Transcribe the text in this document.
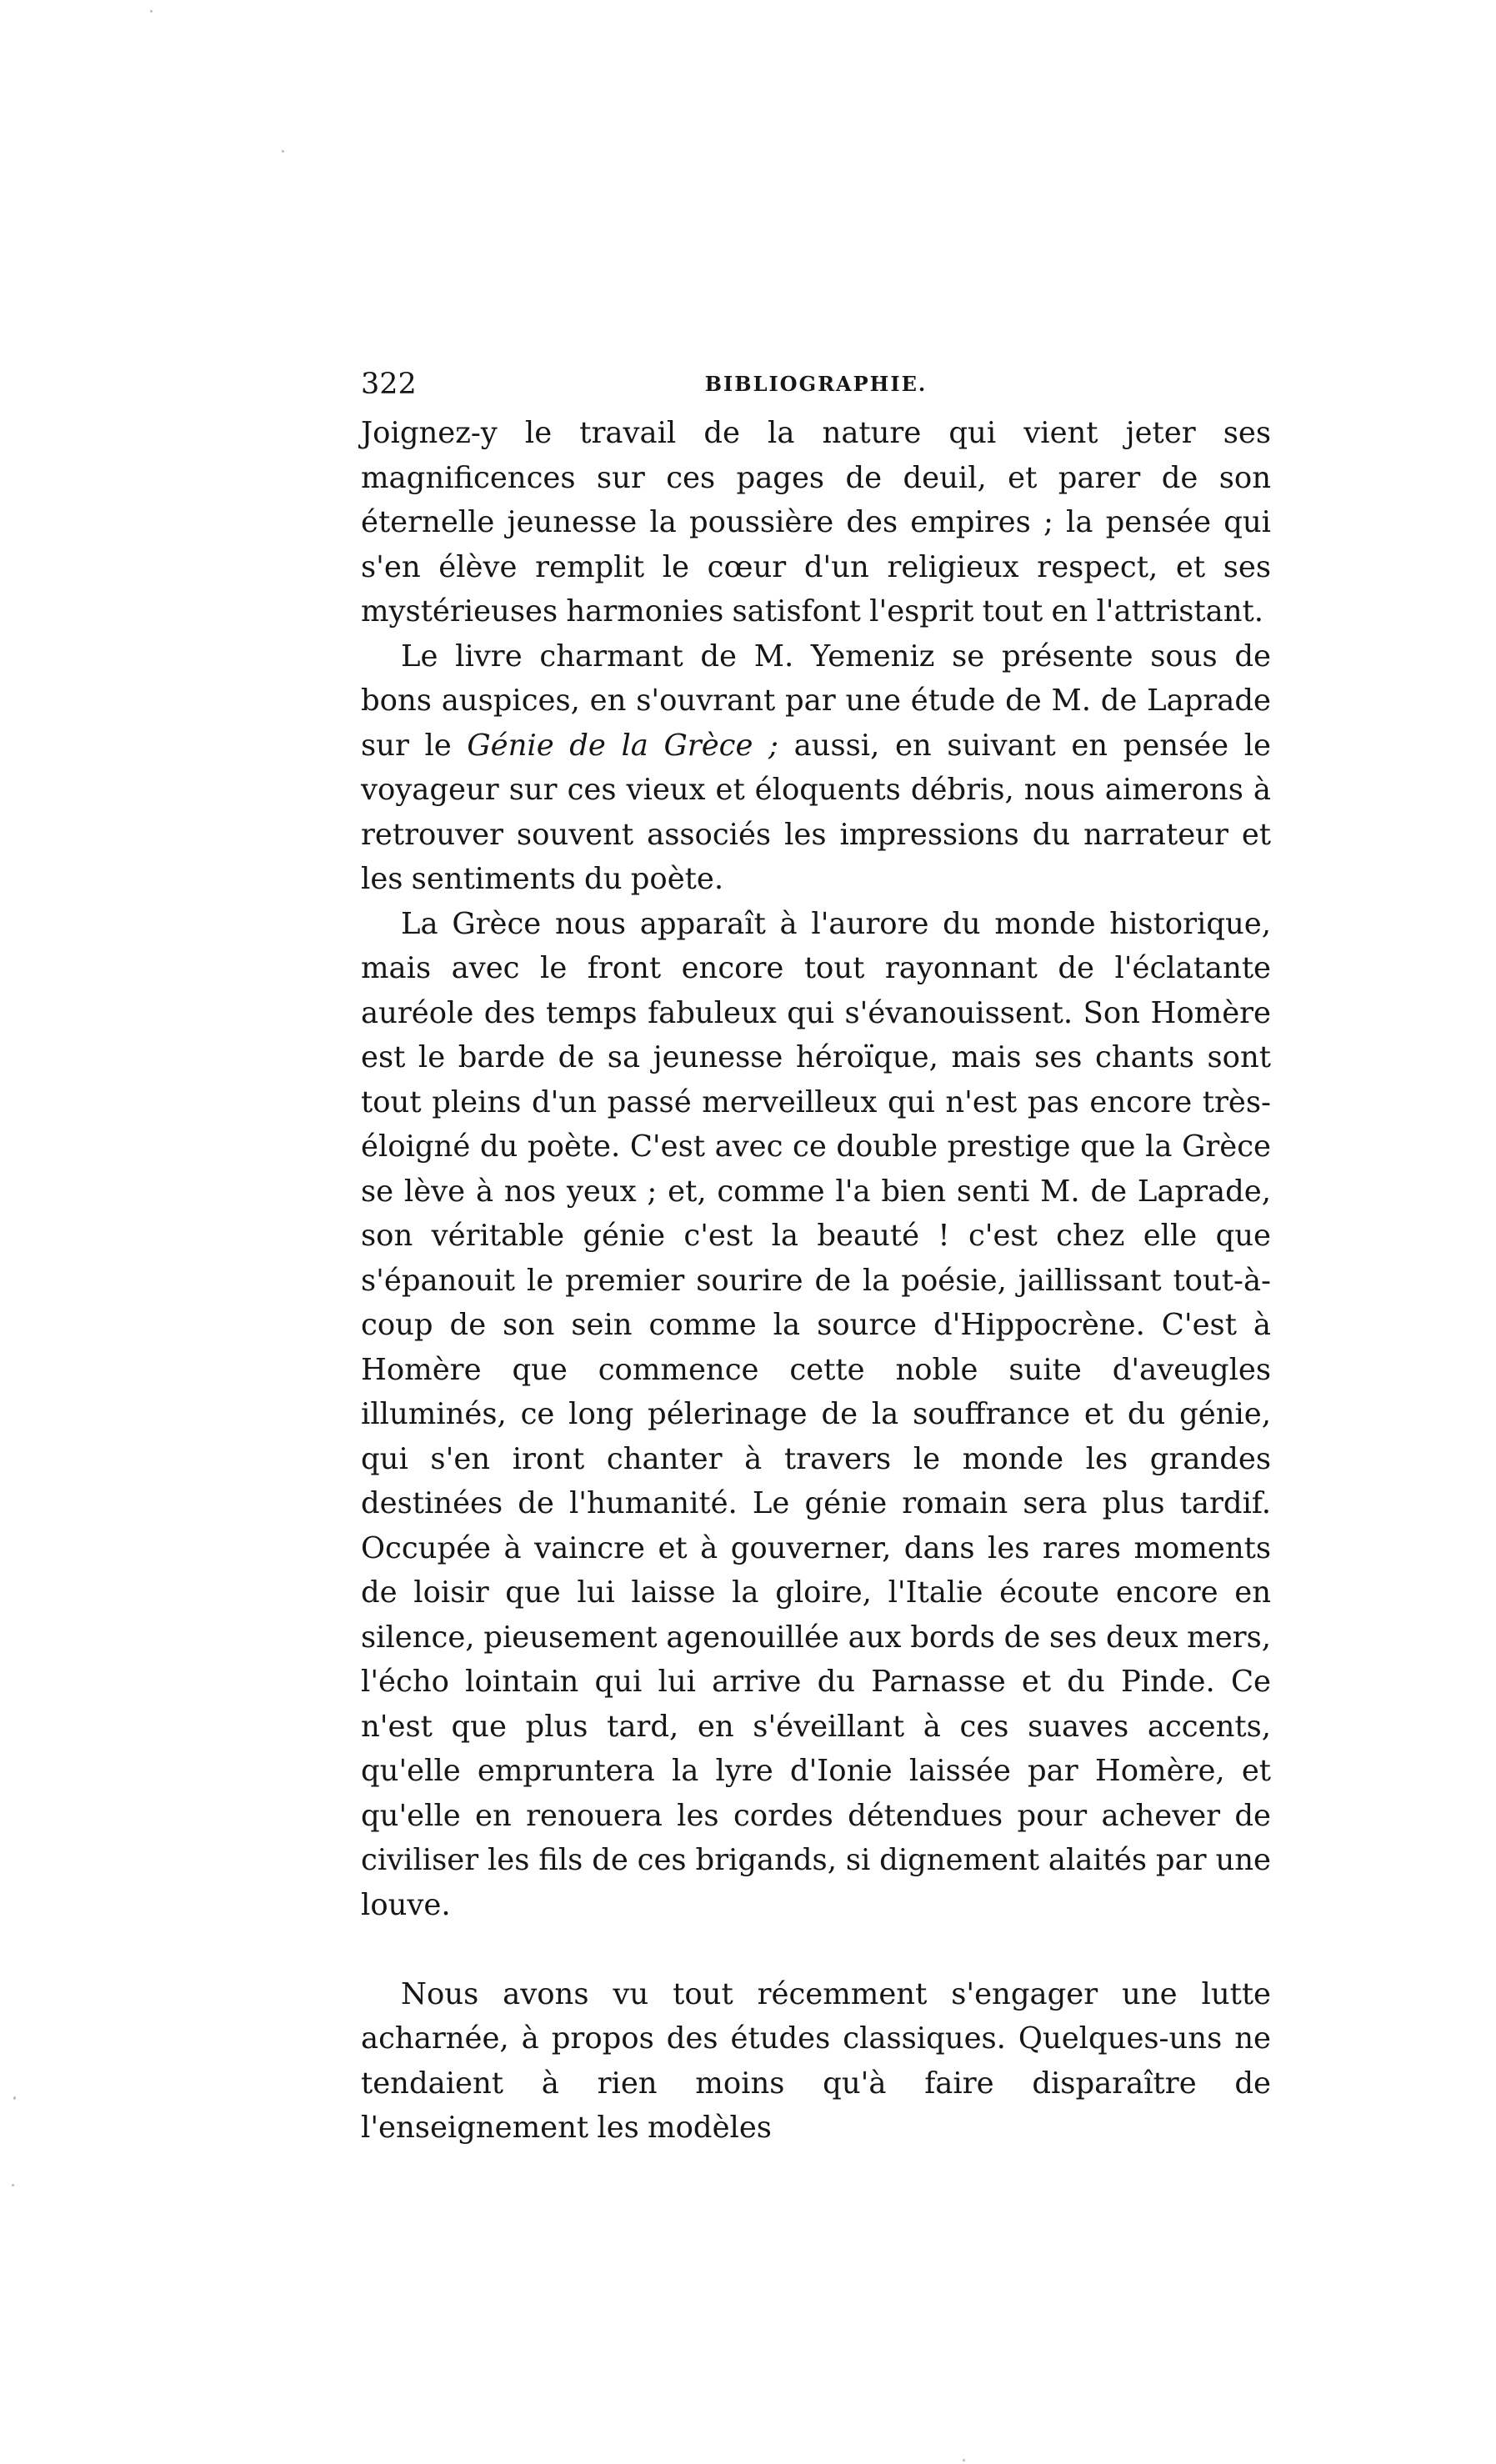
322	BIBLIOGRAPHIE.

Joignez-y le travail de la nature qui vient jeter ses magnificences sur ces pages de deuil, et parer de son éternelle jeunesse la poussière des empires ; la pensée qui s'en élève remplit le cœur d'un religieux respect, et ses mystérieuses harmonies satisfont l'esprit tout en l'attristant.

Le livre charmant de M. Yemeniz se présente sous de bons auspices, en s'ouvrant par une étude de M. de Laprade sur le Génie de la Grèce ; aussi, en suivant en pensée le voyageur sur ces vieux et éloquents débris, nous aimerons à retrouver souvent associés les impressions du narrateur et les sentiments du poète.

La Grèce nous apparaît à l'aurore du monde historique, mais avec le front encore tout rayonnant de l'éclatante auréole des temps fabuleux qui s'évanouissent. Son Homère est le barde de sa jeunesse héroïque, mais ses chants sont tout pleins d'un passé merveilleux qui n'est pas encore très-éloigné du poète. C'est avec ce double prestige que la Grèce se lève à nos yeux ; et, comme l'a bien senti M. de Laprade, son véritable génie c'est la beauté ! c'est chez elle que s'épanouit le premier sourire de la poésie, jaillissant tout-à-coup de son sein comme la source d'Hippocrène. C'est à Homère que commence cette noble suite d'aveugles illuminés, ce long pélerinage de la souffrance et du génie, qui s'en iront chanter à travers le monde les grandes destinées de l'humanité. Le génie romain sera plus tardif. Occupée à vaincre et à gouverner, dans les rares moments de loisir que lui laisse la gloire, l'Italie écoute encore en silence, pieusement agenouillée aux bords de ses deux mers, l'écho lointain qui lui arrive du Parnasse et du Pinde. Ce n'est que plus tard, en s'éveillant à ces suaves accents, qu'elle empruntera la lyre d'Ionie laissée par Homère, et qu'elle en renouera les cordes détendues pour achever de civiliser les fils de ces brigands, si dignement alaités par une louve.

Nous avons vu tout récemment s'engager une lutte acharnée, à propos des études classiques. Quelques-uns ne tendaient à rien moins qu'à faire disparaître de l'enseignement les modèles
